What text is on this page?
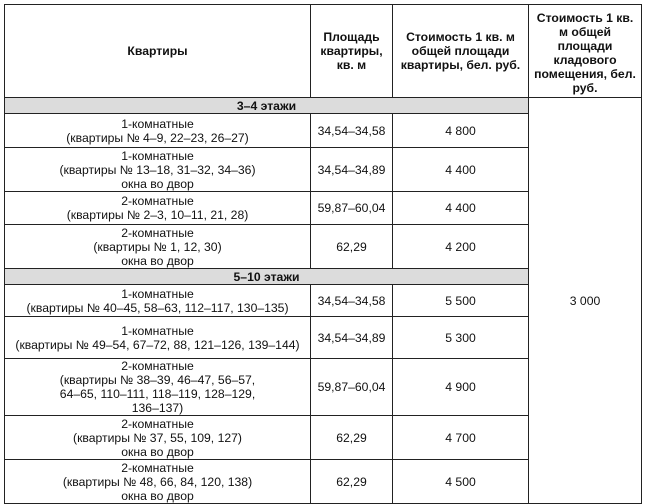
Квартиры	Площадь квартиры, кв. м	Стоимость 1 кв. м общей площади квартиры, бел. руб.	Стоимость 1 кв. м общей площади кладового помещения, бел. руб.
3–4 этажи			3 000

1-комнатные
(квартиры № 4–9, 22–23, 26–27)	34,54–34,58	4 800	

1-комнатные
(квартиры № 13–18, 31–32, 34–36)
окна во двор	34,54–34,89	4 400	

2-комнатные
(квартиры № 2–3, 10–11, 21, 28)	59,87–60,04	4 400	

2-комнатные
(квартиры № 1, 12, 30)
окна во двор	62,29	4 200	
5–10 этажи			

1-комнатные
(квартиры № 40–45, 58–63, 112–117, 130–135)	34,54–34,58	5 500	

1-комнатные
(квартиры № 49–54, 67–72, 88, 121–126, 139–144)	34,54–34,89	5 300	

2-комнатные
(квартиры № 38–39, 46–47, 56–57, 64–65, 110–111, 118–119, 128–129, 136–137)	59,87–60,04	4 900	

2-комнатные
(квартиры № 37, 55, 109, 127)
окна во двор	62,29	4 700	

2-комнатные
(квартиры № 48, 66, 84, 120, 138)
окна во двор	62,29	4 500	
